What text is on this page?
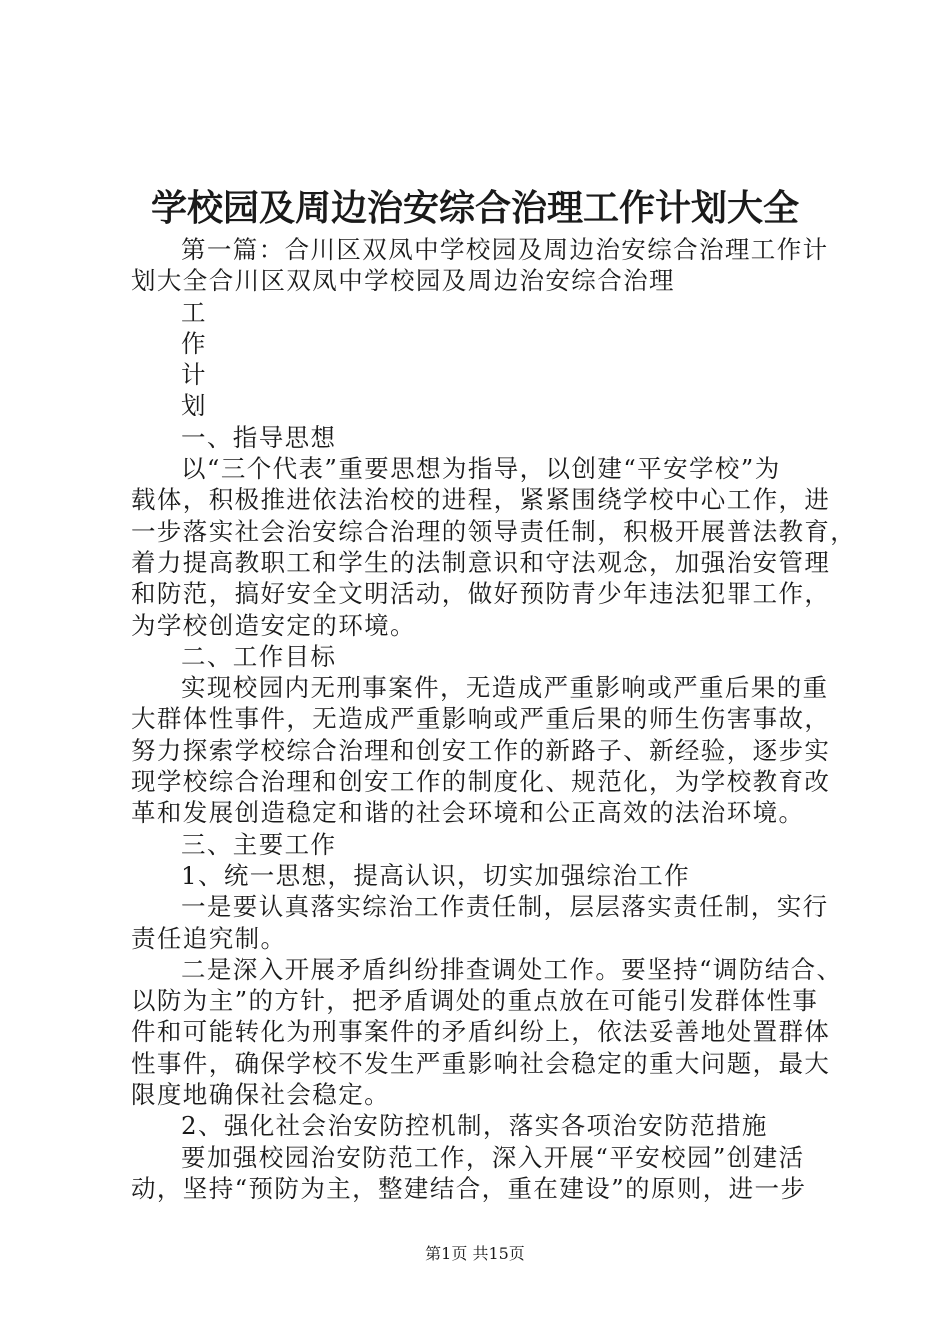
学校园及周边治安综合治理工作计划大全
第一篇：合川区双凤中学校园及周边治安综合治理工作计
划大全合川区双凤中学校园及周边治安综合治理
工
作
计
划
一、指导思想
以“三个代表”重要思想为指导，以创建“平安学校”为
载体，积极推进依法治校的进程，紧紧围绕学校中心工作，进
一步落实社会治安综合治理的领导责任制，积极开展普法教育，
着力提高教职工和学生的法制意识和守法观念，加强治安管理
和防范，搞好安全文明活动，做好预防青少年违法犯罪工作，
为学校创造安定的环境。
二、工作目标
实现校园内无刑事案件，无造成严重影响或严重后果的重
大群体性事件，无造成严重影响或严重后果的师生伤害事故，
努力探索学校综合治理和创安工作的新路子、新经验，逐步实
现学校综合治理和创安工作的制度化、规范化，为学校教育改
革和发展创造稳定和谐的社会环境和公正高效的法治环境。
三、主要工作
1、统一思想，提高认识，切实加强综治工作
一是要认真落实综治工作责任制，层层落实责任制，实行
责任追究制。
二是深入开展矛盾纠纷排查调处工作。要坚持“调防结合、
以防为主”的方针，把矛盾调处的重点放在可能引发群体性事
件和可能转化为刑事案件的矛盾纠纷上，依法妥善地处置群体
性事件，确保学校不发生严重影响社会稳定的重大问题，最大
限度地确保社会稳定。
2、强化社会治安防控机制，落实各项治安防范措施
要加强校园治安防范工作，深入开展“平安校园”创建活
动，坚持“预防为主，整建结合，重在建设”的原则，进一步
第1页 共15页
